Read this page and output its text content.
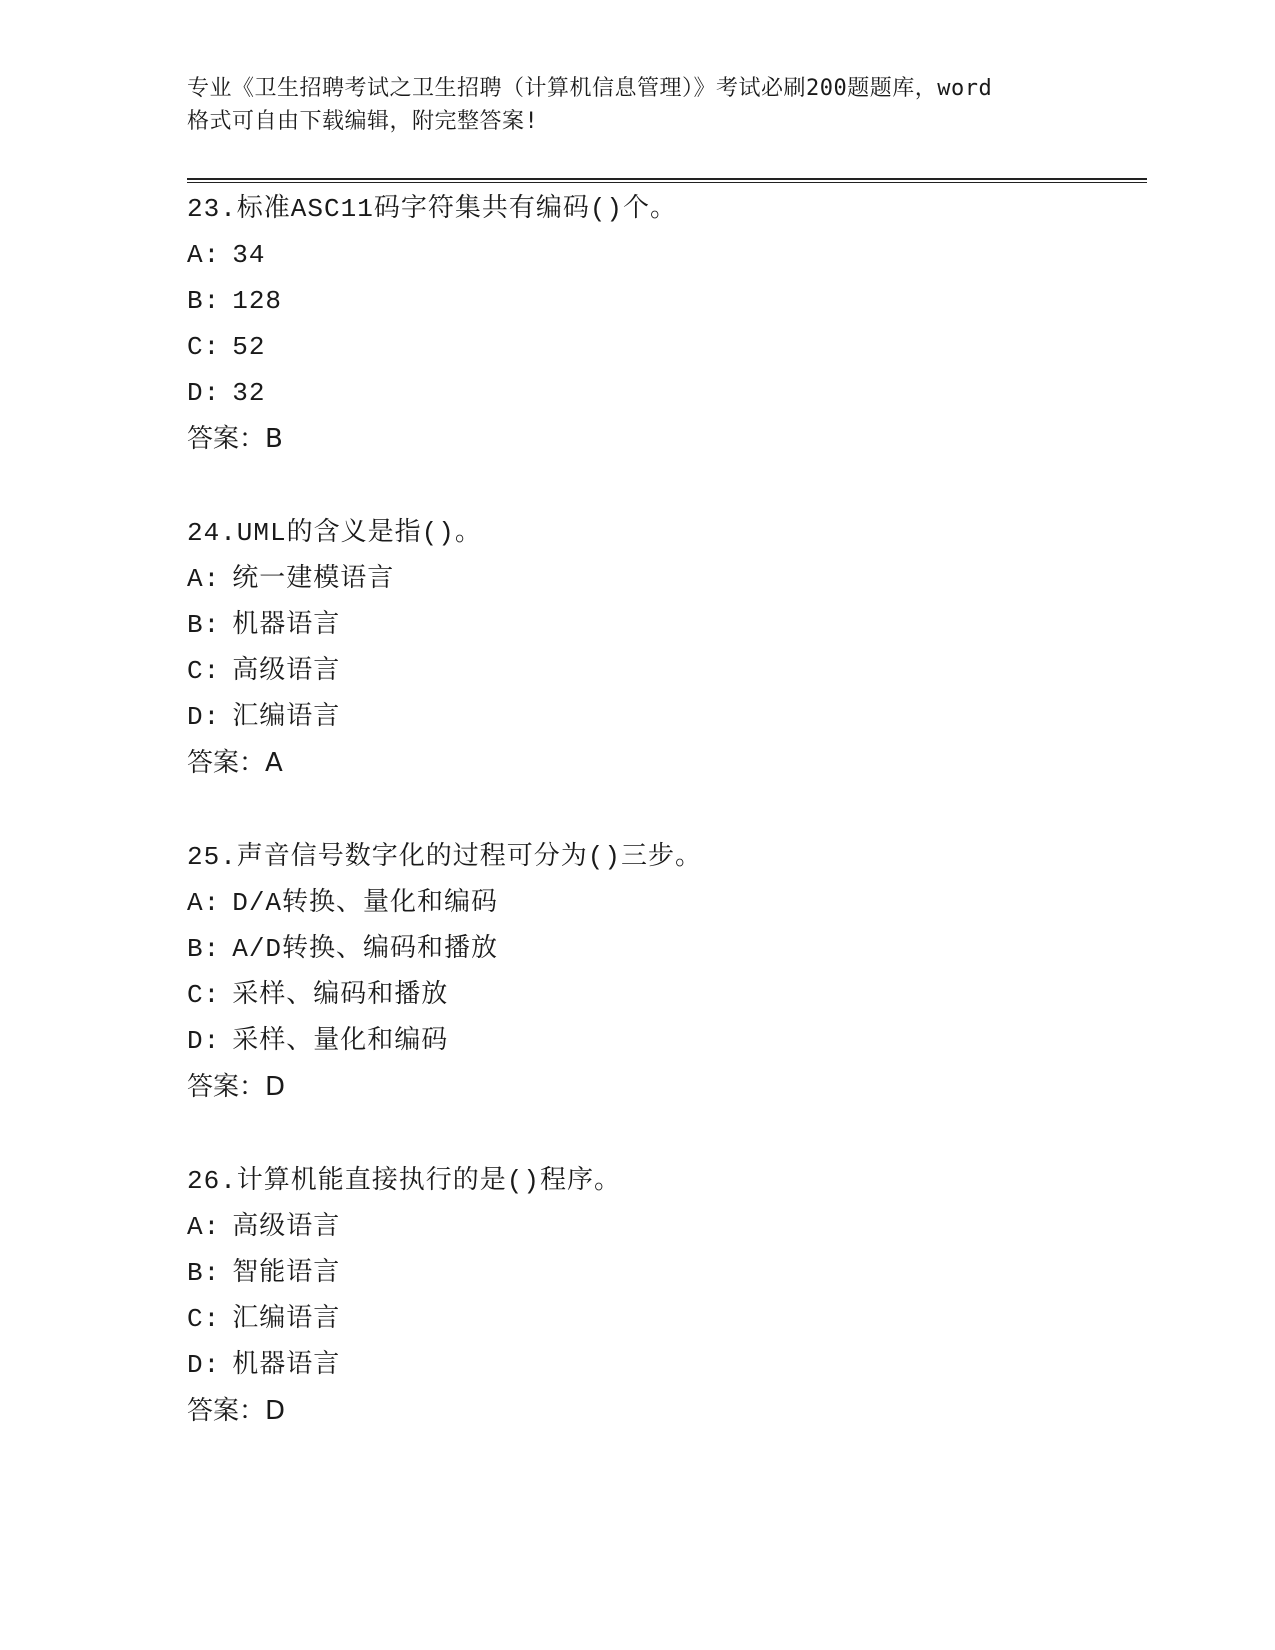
专业《卫生招聘考试之卫生招聘（计算机信息管理）》考试必刷200题题库，word
格式可自由下载编辑，附完整答案!
23.标准ASC11码字符集共有编码()个。
A: 34
B: 128
C: 52
D: 32
答案：B
24.UML的含义是指()。
A: 统一建模语言
B: 机器语言
C: 高级语言
D: 汇编语言
答案：A
25.声音信号数字化的过程可分为()三步。
A: D/A转换、量化和编码
B: A/D转换、编码和播放
C: 采样、编码和播放
D: 采样、量化和编码
答案：D
26.计算机能直接执行的是()程序。
A: 高级语言
B: 智能语言
C: 汇编语言
D: 机器语言
答案：D
